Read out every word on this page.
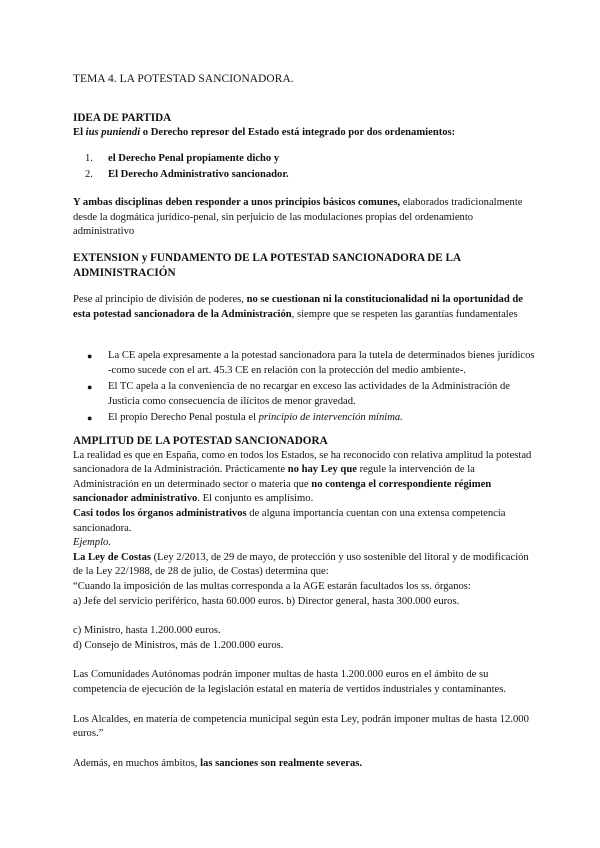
TEMA 4. LA POTESTAD SANCIONADORA.

IDEA DE PARTIDA

El ius puniendi o Derecho represor del Estado está integrado por dos ordenamientos:

1. el Derecho Penal propiamente dicho y
2. El Derecho Administrativo sancionador.

Y ambas disciplinas deben responder a unos principios básicos comunes, elaborados tradicionalmente desde la dogmática jurídico-penal, sin perjuicio de las modulaciones propias del ordenamiento administrativo

EXTENSION y FUNDAMENTO DE LA POTESTAD SANCIONADORA DE LA ADMINISTRACIÓN

Pese al principio de división de poderes, no se cuestionan ni la constitucionalidad ni la oportunidad de esta potestad sancionadora de la Administración, siempre que se respeten las garantías fundamentales

● La CE apela expresamente a la potestad sancionadora para la tutela de determinados bienes jurídicos -como sucede con el art. 45.3 CE en relación con la protección del medio ambiente-.
● El TC apela a la conveniencia de no recargar en exceso las actividades de la Administración de Justicia como consecuencia de ilícitos de menor gravedad.
● El propio Derecho Penal postula el principio de intervención mínima.
AMPLITUD DE LA POTESTAD SANCIONADORA
La realidad es que en España, como en todos los Estados, se ha reconocido con relativa amplitud la potestad sancionadora de la Administración. Prácticamente no hay Ley que regule la intervención de la Administración en un determinado sector o materia que no contenga el correspondiente régimen sancionador administrativo. El conjunto es amplísimo.
Casi todos los órganos administrativos de alguna importancia cuentan con una extensa competencia sancionadora.
Ejemplo.
La Ley de Costas (Ley 2/2013, de 29 de mayo, de protección y uso sostenible del litoral y de modificación de la Ley 22/1988, de 28 de julio, de Costas) determina que:
“Cuando la imposición de las multas corresponda a la AGE estarán facultados los ss. órganos:
a) Jefe del servicio periférico, hasta 60.000 euros. b) Director general, hasta 300.000 euros.
c) Ministro, hasta 1.200.000 euros.
d) Consejo de Ministros, más de 1.200.000 euros.
Las Comunidades Autónomas podrán imponer multas de hasta 1.200.000 euros en el ámbito de su competencia de ejecución de la legislación estatal en materia de vertidos industriales y contaminantes.
Los Alcaldes, en materia de competencia municipal según esta Ley, podrán imponer multas de hasta 12.000 euros.”
Además, en muchos ámbitos, las sanciones son realmente severas.
